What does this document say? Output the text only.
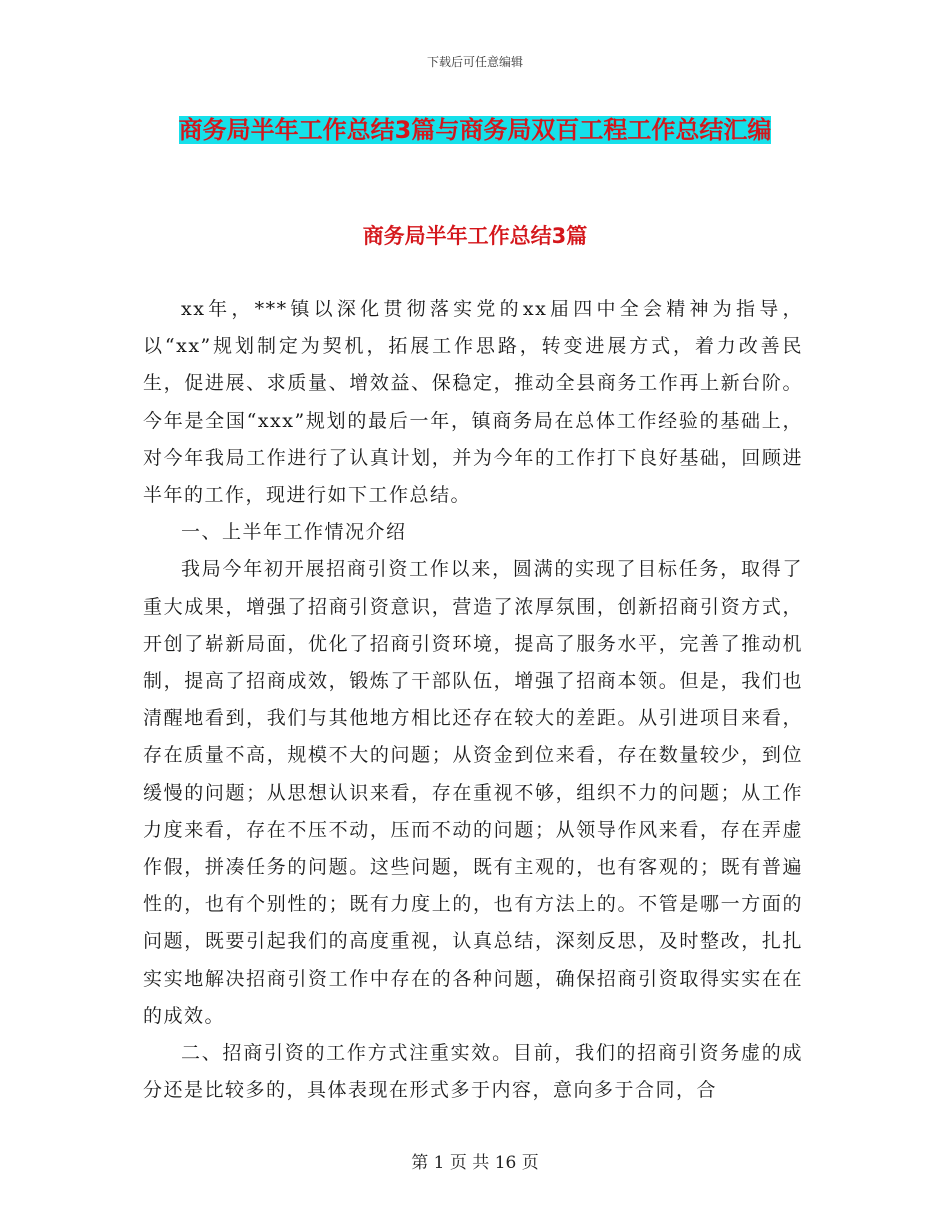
下载后可任意编辑
商务局半年工作总结3篇与商务局双百工程工作总结汇编
商务局半年工作总结3篇

xx年，***镇以深化贯彻落实党的xx届四中全会精神为指导，以“xx”规划制定为契机，拓展工作思路，转变进展方式，着力改善民生，促进展、求质量、增效益、保稳定，推动全县商务工作再上新台阶。今年是全国“xxx”规划的最后一年，镇商务局在总体工作经验的基础上，对今年我局工作进行了认真计划，并为今年的工作打下良好基础，回顾进半年的工作，现进行如下工作总结。

一、上半年工作情况介绍

我局今年初开展招商引资工作以来，圆满的实现了目标任务，取得了重大成果，增强了招商引资意识，营造了浓厚氛围，创新招商引资方式，开创了崭新局面，优化了招商引资环境，提高了服务水平，完善了推动机制，提高了招商成效，锻炼了干部队伍，增强了招商本领。但是，我们也清醒地看到，我们与其他地方相比还存在较大的差距。从引进项目来看，存在质量不高，规模不大的问题；从资金到位来看，存在数量较少，到位缓慢的问题；从思想认识来看，存在重视不够，组织不力的问题；从工作力度来看，存在不压不动，压而不动的问题；从领导作风来看，存在弄虚作假，拼凑任务的问题。这些问题，既有主观的，也有客观的；既有普遍性的，也有个别性的；既有力度上的，也有方法上的。不管是哪一方面的问题，既要引起我们的高度重视，认真总结，深刻反思，及时整改，扎扎实实地解决招商引资工作中存在的各种问题，确保招商引资取得实实在在的成效。

二、招商引资的工作方式注重实效。目前，我们的招商引资务虚的成分还是比较多的，具体表现在形式多于内容，意向多于合同，合

第 1 页 共 16 页
